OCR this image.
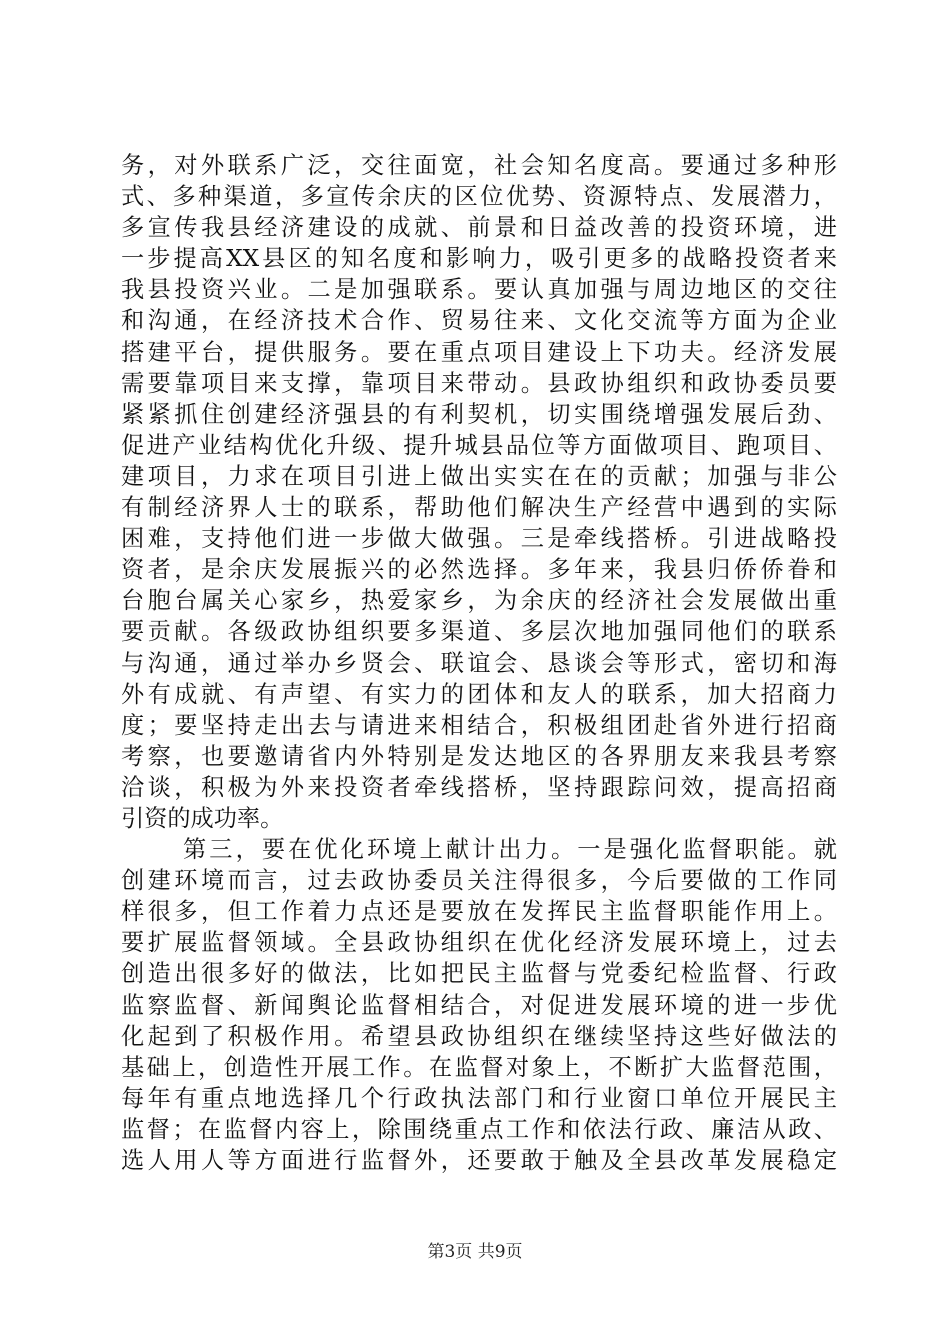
务，对外联系广泛，交往面宽，社会知名度高。要通过多种形
式、多种渠道，多宣传余庆的区位优势、资源特点、发展潜力，
多宣传我县经济建设的成就、前景和日益改善的投资环境，进
一步提高XX县区的知名度和影响力，吸引更多的战略投资者来
我县投资兴业。二是加强联系。要认真加强与周边地区的交往
和沟通，在经济技术合作、贸易往来、文化交流等方面为企业
搭建平台，提供服务。要在重点项目建设上下功夫。经济发展
需要靠项目来支撑，靠项目来带动。县政协组织和政协委员要
紧紧抓住创建经济强县的有利契机，切实围绕增强发展后劲、
促进产业结构优化升级、提升城县品位等方面做项目、跑项目、
建项目，力求在项目引进上做出实实在在的贡献；加强与非公
有制经济界人士的联系，帮助他们解决生产经营中遇到的实际
困难，支持他们进一步做大做强。三是牵线搭桥。引进战略投
资者，是余庆发展振兴的必然选择。多年来，我县归侨侨眷和
台胞台属关心家乡，热爱家乡，为余庆的经济社会发展做出重
要贡献。各级政协组织要多渠道、多层次地加强同他们的联系
与沟通，通过举办乡贤会、联谊会、恳谈会等形式，密切和海
外有成就、有声望、有实力的团体和友人的联系，加大招商力
度；要坚持走出去与请进来相结合，积极组团赴省外进行招商
考察，也要邀请省内外特别是发达地区的各界朋友来我县考察
洽谈，积极为外来投资者牵线搭桥，坚持跟踪问效，提高招商
引资的成功率。
第三，要在优化环境上献计出力。一是强化监督职能。就
创建环境而言，过去政协委员关注得很多，今后要做的工作同
样很多，但工作着力点还是要放在发挥民主监督职能作用上。
要扩展监督领域。全县政协组织在优化经济发展环境上，过去
创造出很多好的做法，比如把民主监督与党委纪检监督、行政
监察监督、新闻舆论监督相结合，对促进发展环境的进一步优
化起到了积极作用。希望县政协组织在继续坚持这些好做法的
基础上，创造性开展工作。在监督对象上，不断扩大监督范围，
每年有重点地选择几个行政执法部门和行业窗口单位开展民主
监督；在监督内容上，除围绕重点工作和依法行政、廉洁从政、
选人用人等方面进行监督外，还要敢于触及全县改革发展稳定
第3页 共9页
